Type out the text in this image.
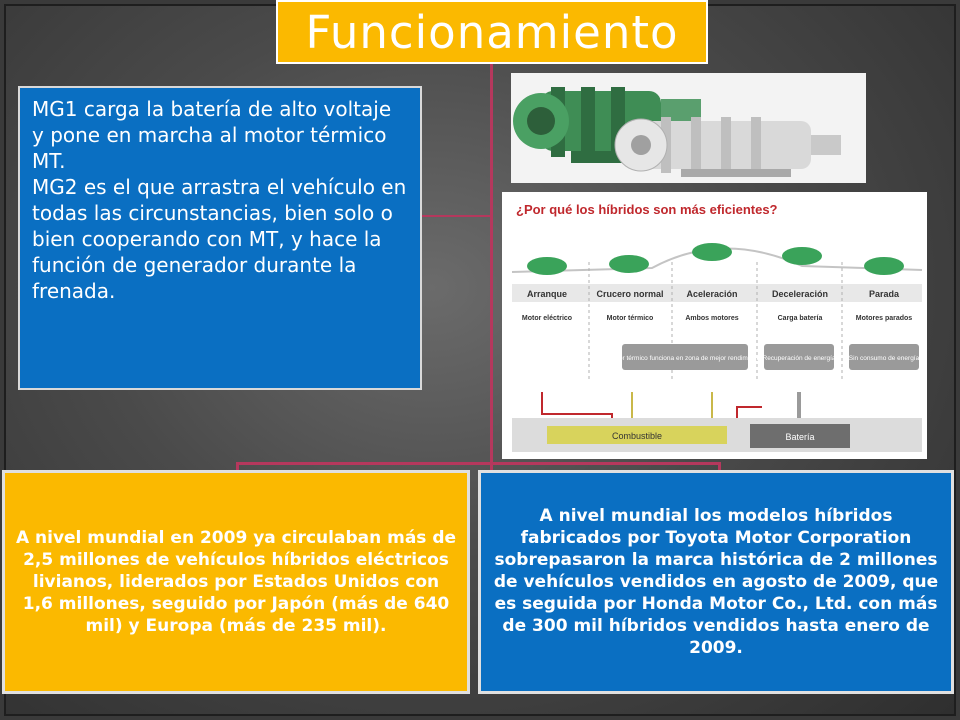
Funcionamiento

MG1 carga la batería de alto voltaje y pone en marcha al motor térmico MT.

MG2 es el que arrastra el vehículo en todas las circunstancias, bien solo o bien cooperando con MT, y hace la función de generador durante la frenada.

¿Por qué los híbridos son más eficientes?
Arranque	Crucero normal	Aceleración	Deceleración	Parada
Motor eléctrico	Motor térmico	Ambos motores	Carga batería	Motores parados
Motor térmico funciona en zona de mejor rendimiento Recuperación de energía Sin consumo de energía
Combustible	Batería
A nivel mundial en 2009 ya circulaban más de 2,5 millones de vehículos híbridos eléctricos livianos, liderados por Estados Unidos con 1,6 millones, seguido por Japón (más de 640 mil) y Europa (más de 235 mil).
A nivel mundial los modelos híbridos fabricados por Toyota Motor Corporation sobrepasaron la marca histórica de 2 millones de vehículos vendidos en agosto de 2009, que es seguida por Honda Motor Co., Ltd. con más de 300 mil híbridos vendidos hasta enero de 2009.
